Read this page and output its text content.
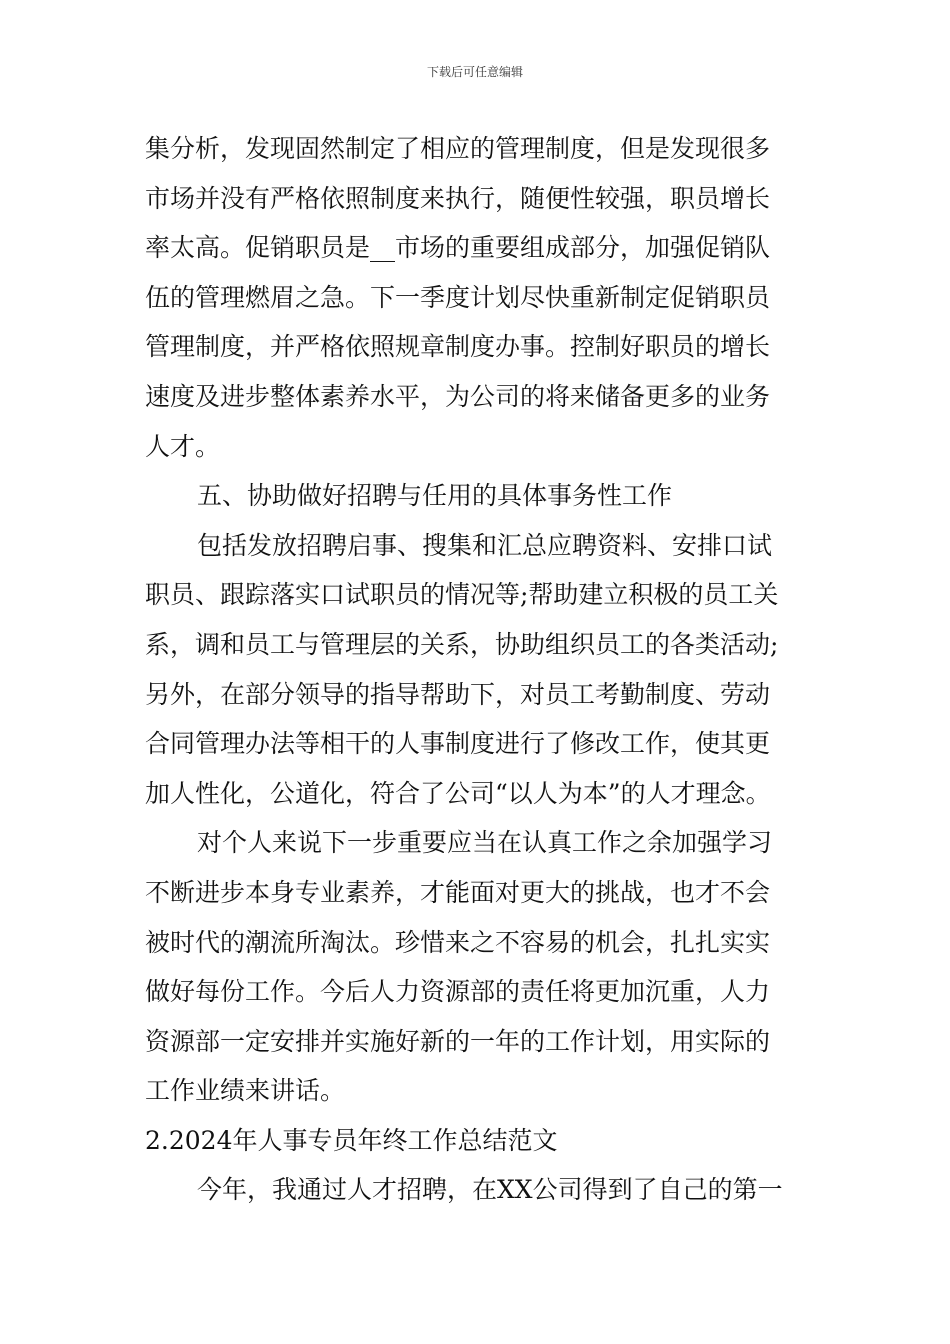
下载后可任意编辑
集分析，发现固然制定了相应的管理制度，但是发现很多
市场并没有严格依照制度来执行，随便性较强，职员增长
率太高。促销职员是__市场的重要组成部分，加强促销队
伍的管理燃眉之急。下一季度计划尽快重新制定促销职员
管理制度，并严格依照规章制度办事。控制好职员的增长
速度及进步整体素养水平，为公司的将来储备更多的业务
人才。
五、协助做好招聘与任用的具体事务性工作
包括发放招聘启事、搜集和汇总应聘资料、安排口试
职员、跟踪落实口试职员的情况等;帮助建立积极的员工关
系，调和员工与管理层的关系，协助组织员工的各类活动;
另外，在部分领导的指导帮助下，对员工考勤制度、劳动
合同管理办法等相干的人事制度进行了修改工作，使其更
加人性化，公道化，符合了公司“以人为本”的人才理念。
对个人来说下一步重要应当在认真工作之余加强学习
不断进步本身专业素养，才能面对更大的挑战，也才不会
被时代的潮流所淘汰。珍惜来之不容易的机会，扎扎实实
做好每份工作。今后人力资源部的责任将更加沉重，人力
资源部一定安排并实施好新的一年的工作计划，用实际的
工作业绩来讲话。
2.2024年人事专员年终工作总结范文
今年，我通过人才招聘，在XX公司得到了自己的第一
